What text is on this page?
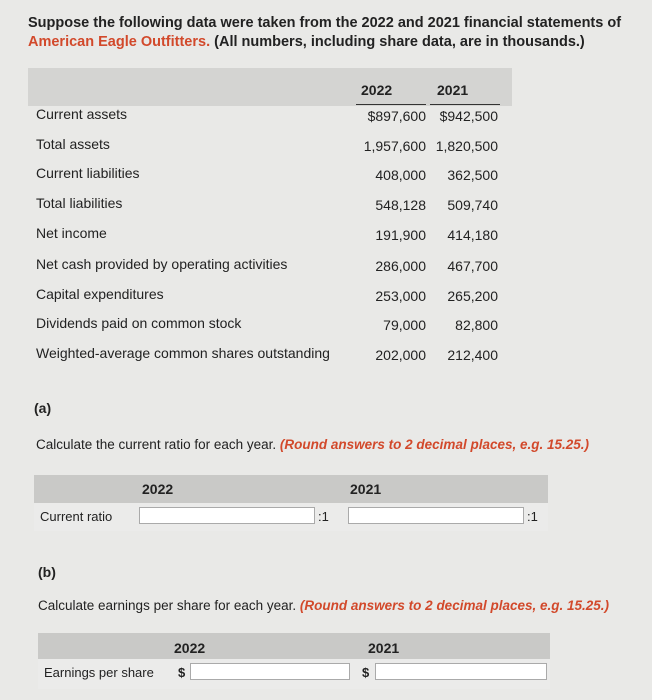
Suppose the following data were taken from the 2022 and 2021 financial statements of
American Eagle Outfitters. (All numbers, including share data, are in thousands.)
2022	2021
Current assets	$897,600 $942,500
Total assets	1,957,600 1,820,500
Current liabilities	408,000	362,500
Total liabilities	548,128	509,740
Net income	191,900	414,180
Net cash provided by operating activities	286,000	467,700
Capital expenditures	253,000	265,200
Dividends paid on common stock	79,000	82,800
Weighted-average common shares outstanding	202,000	212,400
(a)
Calculate the current ratio for each year. (Round answers to 2 decimal places, e.g. 15.25.)
2022	2021
Current ratio	:1	:1
(b)
Calculate earnings per share for each year. (Round answers to 2 decimal places, e.g. 15.25.)
2022	2021
Earnings per share $	$
